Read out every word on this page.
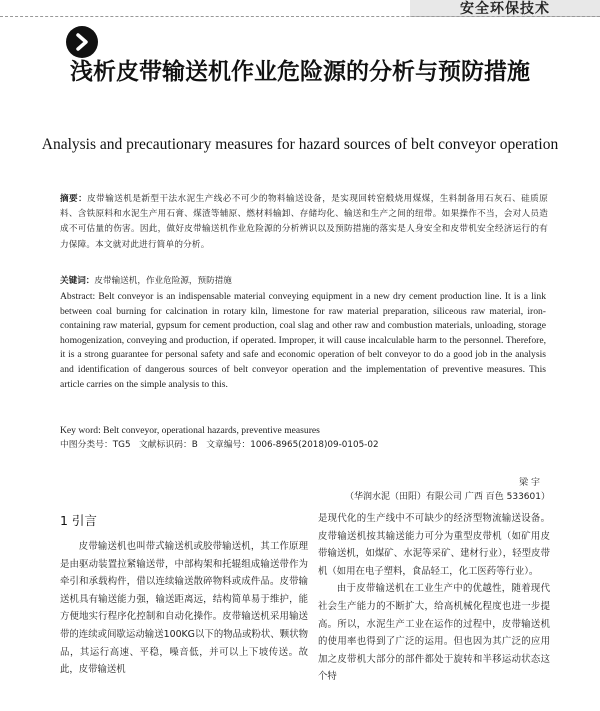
安全环保技术
浅析皮带输送机作业危险源的分析与预防措施
Analysis and precautionary measures for hazard sources of belt conveyor operation
摘要：皮带输送机是新型干法水泥生产线必不可少的物料输送设备，是实现回转窑煅烧用煤煤，生料制备用石灰石、硅质原料、含铁原料和水泥生产用石膏、煤渣等辅原、燃材料输卸、存储均化、输送和生产之间的纽带。如果操作不当，会对人员造成不可估量的伤害。因此，做好皮带输送机作业危险源的分析辨识以及预防措施的落实是人身安全和皮带机安全经济运行的有力保障。本文就对此进行简单的分析。
关键词：皮带输送机，作业危险源，预防措施
Abstract: Belt conveyor is an indispensable material conveying equipment in a new dry cement production line. It is a link between coal burning for calcination in rotary kiln, limestone for raw material preparation, siliceous raw material, iron-containing raw material, gypsum for cement production, coal slag and other raw and combustion materials, unloading, storage homogenization, conveying and production, if operated. Improper, it will cause incalculable harm to the personnel. Therefore, it is a strong guarantee for personal safety and safe and economic operation of belt conveyor to do a good job in the analysis and identification of dangerous sources of belt conveyor operation and the implementation of preventive measures. This article carries on the simple analysis to this.
Key word: Belt conveyor, operational hazards, preventive measures
中图分类号：TG5 文献标识码：B 文章编号：1006-8965(2018)09-0105-02
梁 宇
（华润水泥（田阳）有限公司 广西 百色 533601）
1 引言
皮带输送机也叫带式输送机或胶带输送机，其工作原理是由驱动装置拉紧输送带，中部构架和托辊组成输送带作为牵引和承载构件，借以连续输送散碎物料或成件品。皮带输送机具有输送能力强，输送距离远，结构简单易于维护，能方便地实行程序化控制和自动化操作。皮带输送机采用输送带的连续或间歇运动输送100KG以下的物品或粉状、颗状物品，其运行高速、平稳，噪音低，并可以上下坡传送。故此，皮带输送机

是现代化的生产线中不可缺少的经济型物流输送设备。皮带输送机按其输送能力可分为重型皮带机（如矿用皮带输送机，如煤矿、水泥等采矿、建材行业），轻型皮带机（如用在电子塑料，食品轻工，化工医药等行业）。

由于皮带输送机在工业生产中的优越性，随着现代社会生产能力的不断扩大，给高机械化程度也进一步提高。所以，水泥生产工业在运作的过程中，皮带输送机的使用率也得到了广泛的运用。但也因为其广泛的应用加之皮带机大部分的部件都处于旋转和半移运动状态这个特
